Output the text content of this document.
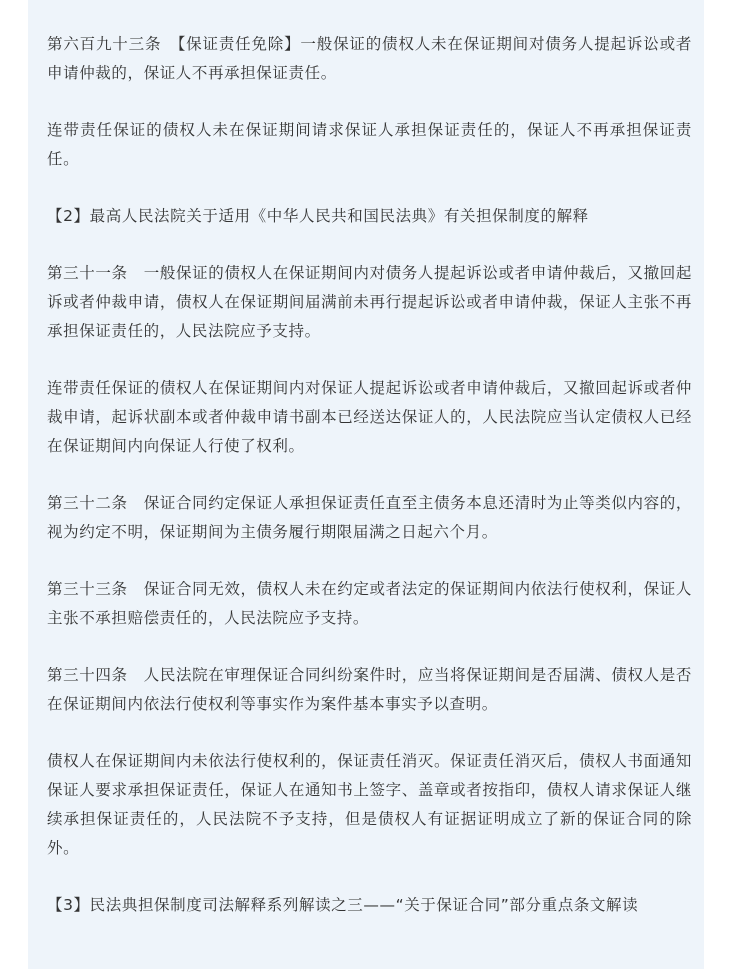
第六百九十三条　【保证责任免除】一般保证的债权人未在保证期间对债务人提起诉讼或者申请仲裁的，保证人不再承担保证责任。

连带责任保证的债权人未在保证期间请求保证人承担保证责任的，保证人不再承担保证责任。

【2】最高人民法院关于适用《中华人民共和国民法典》有关担保制度的解释

第三十一条　一般保证的债权人在保证期间内对债务人提起诉讼或者申请仲裁后，又撤回起诉或者仲裁申请，债权人在保证期间届满前未再行提起诉讼或者申请仲裁，保证人主张不再承担保证责任的，人民法院应予支持。

连带责任保证的债权人在保证期间内对保证人提起诉讼或者申请仲裁后，又撤回起诉或者仲裁申请，起诉状副本或者仲裁申请书副本已经送达保证人的，人民法院应当认定债权人已经在保证期间内向保证人行使了权利。

第三十二条　保证合同约定保证人承担保证责任直至主债务本息还清时为止等类似内容的，视为约定不明，保证期间为主债务履行期限届满之日起六个月。

第三十三条　保证合同无效，债权人未在约定或者法定的保证期间内依法行使权利，保证人主张不承担赔偿责任的，人民法院应予支持。

第三十四条　人民法院在审理保证合同纠纷案件时，应当将保证期间是否届满、债权人是否在保证期间内依法行使权利等事实作为案件基本事实予以查明。

债权人在保证期间内未依法行使权利的，保证责任消灭。保证责任消灭后，债权人书面通知保证人要求承担保证责任，保证人在通知书上签字、盖章或者按指印，债权人请求保证人继续承担保证责任的，人民法院不予支持，但是债权人有证据证明成立了新的保证合同的除外。

【3】民法典担保制度司法解释系列解读之三——“关于保证合同”部分重点条文解读
